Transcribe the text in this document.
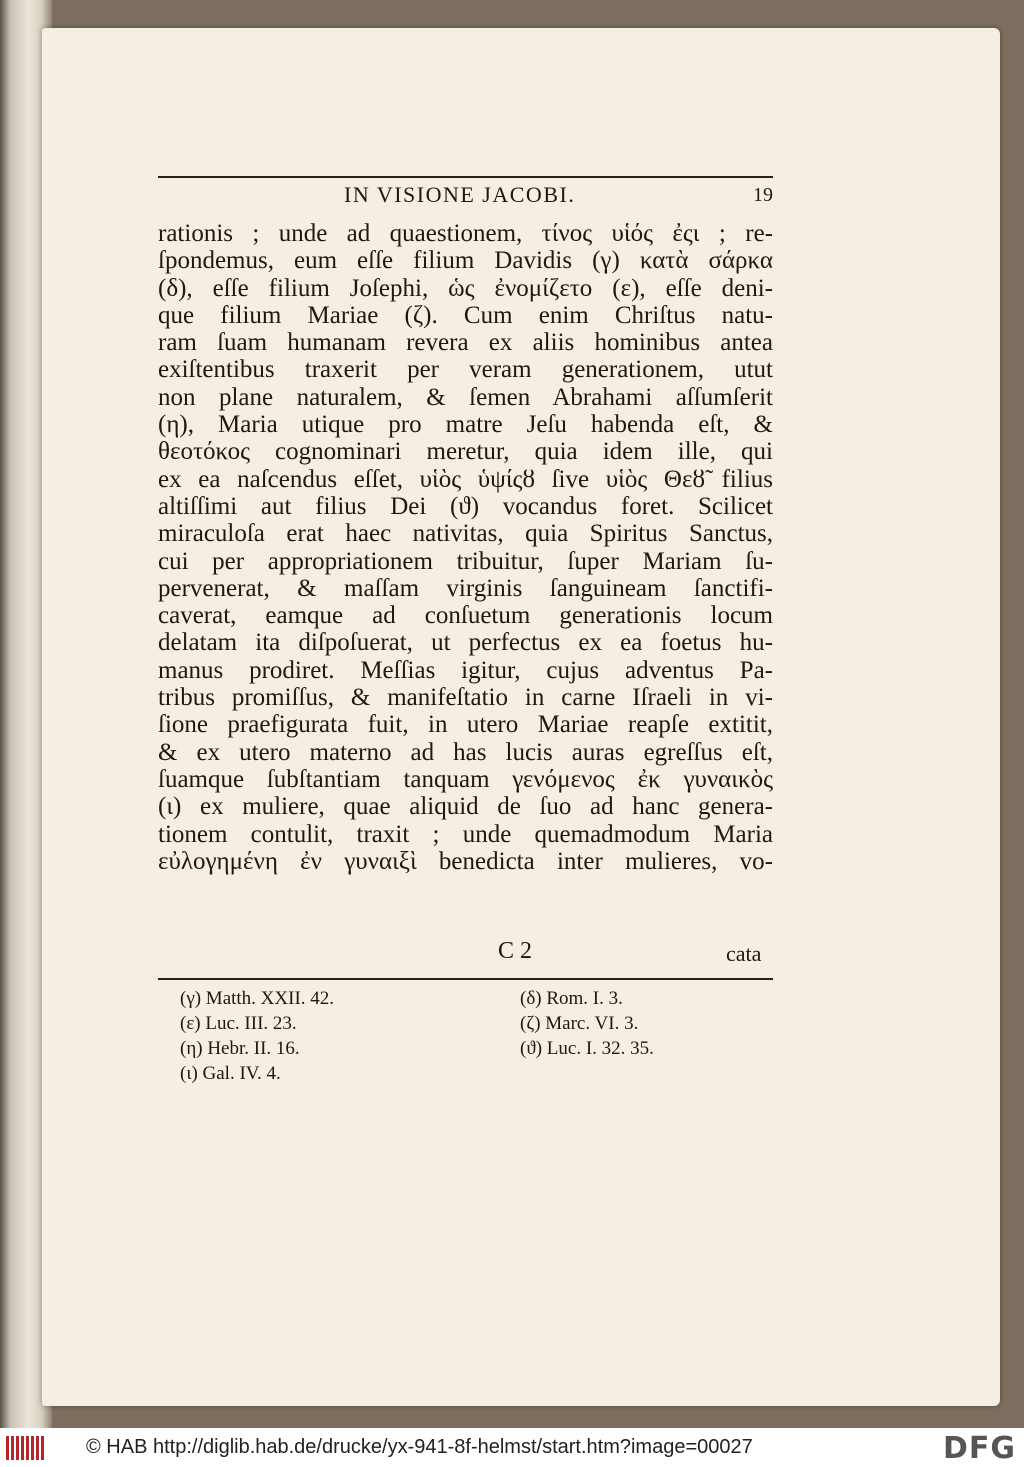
IN VISIONE JACOBI.	19
rationis ; unde ad quaestionem, τίνος υἱός ἐςι ; re-
ſpondemus, eum eſſe filium Davidis (γ) κατὰ σάρκα
(δ), eſſe filium Joſephi, ὡς ἐνομίζετο (ε), eſſe deni-
que filium Mariae (ζ). Cum enim Chriſtus natu-
ram ſuam humanam revera ex aliis hominibus antea
exiſtentibus traxerit per veram generationem, utut
non plane naturalem, & ſemen Abrahami aſſumſerit
(η), Maria utique pro matre Jeſu habenda eſt, &
θεοτόκος cognominari meretur, quia idem ille, qui
ex ea naſcendus eſſet, υἱὸς ὑψίςȣ ſive υἱὸς Θεȣ̃ filius
altiſſimi aut filius Dei (ϑ) vocandus foret. Scilicet
miraculoſa erat haec nativitas, quia Spiritus Sanctus,
cui per appropriationem tribuitur, ſuper Mariam ſu-
pervenerat, & maſſam virginis ſanguineam ſanctifi-
caverat, eamque ad conſuetum generationis locum
delatam ita diſpoſuerat, ut perfectus ex ea foetus hu-
manus prodiret. Meſſias igitur, cujus adventus Pa-
tribus promiſſus, & manifeſtatio in carne Iſraeli in vi-
ſione praefigurata fuit, in utero Mariae reapſe extitit,
& ex utero materno ad has lucis auras egreſſus eſt,
ſuamque ſubſtantiam tanquam γενόμενος ἐκ γυναικὸς
(ι) ex muliere, quae aliquid de ſuo ad hanc genera-
tionem contulit, traxit ; unde quemadmodum Maria
εὐλογημένη ἐν γυναιξὶ benedicta inter mulieres, vo-
C 2	cata
(γ) Matth. XXII. 42.	(δ) Rom. I. 3.
(ε) Luc. III. 23.	(ζ) Marc. VI. 3.
(η) Hebr. II. 16.	(ϑ) Luc. I. 32. 35.
(ι) Gal. IV. 4.
© HAB http://diglib.hab.de/drucke/yx-941-8f-helmst/start.htm?image=00027	DFG
